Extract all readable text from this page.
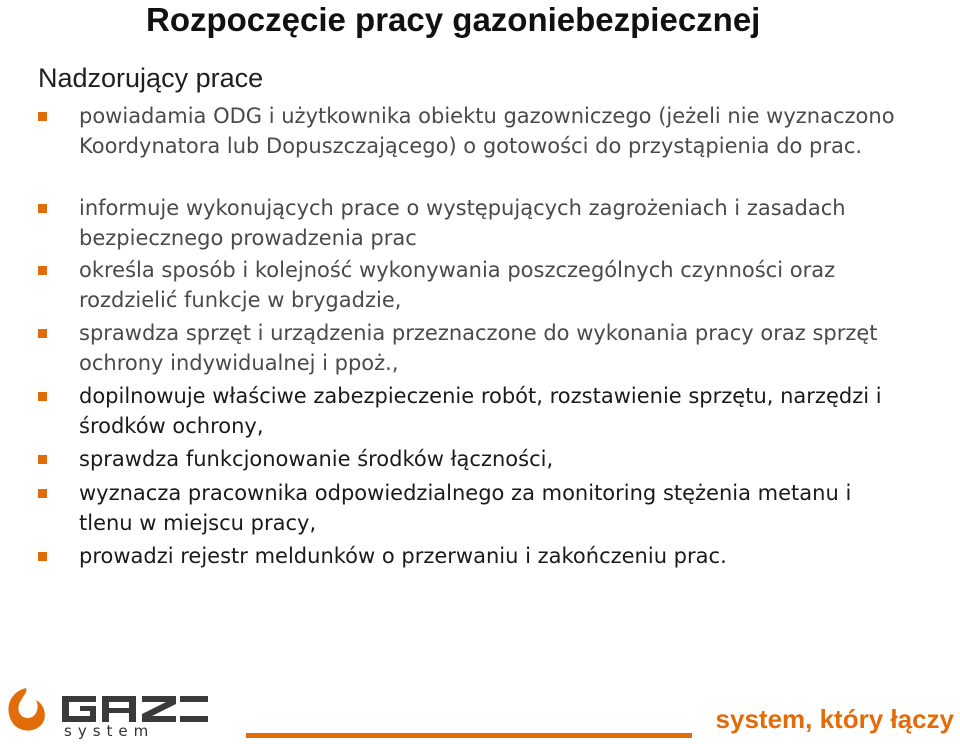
Rozpoczęcie pracy gazoniebezpiecznej
Nadzorujący prace
powiadamia ODG i użytkownika obiektu gazowniczego (jeżeli nie wyznaczono Koordynatora lub Dopuszczającego) o gotowości do przystąpienia do prac.
informuje wykonujących prace o występujących zagrożeniach i zasadach bezpiecznego prowadzenia prac
określa sposób i kolejność wykonywania poszczególnych czynności oraz rozdzielić funkcje w brygadzie,
sprawdza sprzęt i urządzenia przeznaczone do wykonania pracy oraz sprzęt ochrony indywidualnej i ppoż.,
dopilnowuje właściwe zabezpieczenie robót, rozstawienie sprzętu, narzędzi i środków ochrony,
sprawdza funkcjonowanie środków łączności,
wyznacza pracownika odpowiedzialnego za monitoring stężenia metanu i tlenu w miejscu pracy,
prowadzi rejestr meldunków o przerwaniu i zakończeniu prac.
system	system, który łączy
